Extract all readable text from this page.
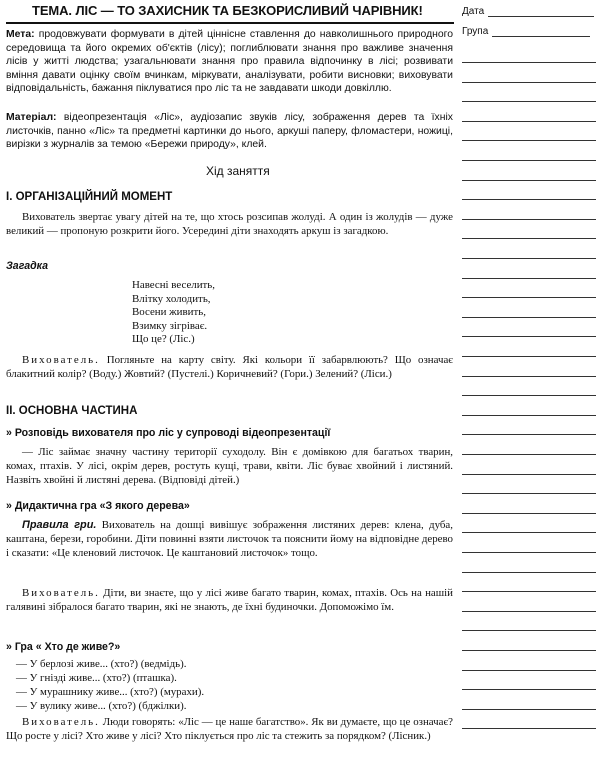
ТЕМА. ЛІС — ТО ЗАХИСНИК ТА БЕЗКОРИСЛИВИЙ ЧАРІВНИК!	Дата
Група

Мета: продовжувати формувати в дітей ціннісне ставлення до навколишнього природного середовища та його окремих об'єктів (лісу); поглиблювати знання про важливе значення лісів у житті людства; узагальнювати знання про правила відпочинку в лісі; розвивати вміння давати оцінку своїм вчинкам, міркувати, аналізувати, робити висновки; виховувати відповідальність, бажання піклуватися про ліс та не завдавати шкоди довкіллю.

Матеріал: відеопрезентація «Ліс», аудіозапис звуків лісу, зображення дерев та їхніх листочків, панно «Ліс» та предметні картинки до нього, аркуші паперу, фломастери, ножиці, вирізки з журналів за темою «Бережи природу», клей.

Хід заняття

I. ОРГАНІЗАЦІЙНИЙ МОМЕНТ

Вихователь звертає увагу дітей на те, що хтось розсипав жолуді. А один із жолудів — дуже великий — пропоную розкрити його. Усередині діти знаходять аркуш із загадкою.

Загадка

Навесні веселить,
Влітку холодить,
Восени живить,
Взимку зігріває.
Що це? (Ліс.)

Вихователь. Погляньте на карту світу. Які кольори її забарвлюють? Що означає блакитний колір? (Воду.) Жовтий? (Пустелі.) Коричневий? (Гори.) Зелений? (Ліси.)

II. ОСНОВНА ЧАСТИНА

» Розповідь вихователя про ліс у супроводі відеопрезентації

— Ліс займає значну частину території суходолу. Він є домівкою для багатьох тварин, комах, птахів. У лісі, окрім дерев, ростуть кущі, трави, квіти. Ліс буває хвойний і листяний. Назвіть хвойні й листяні дерева. (Відповіді дітей.)

» Дидактична гра «З якого дерева»

Правила гри. Вихователь на дошці вивішує зображення листяних дерев: клена, дуба, каштана, берези, горобини. Діти повинні взяти листочок та пояснити йому на відповідне дерево і сказати: «Це кленовий листочок. Це каштановий листочок» тощо.

Вихователь. Діти, ви знаєте, що у лісі живе багато тварин, комах, птахів. Ось на нашій галявині зібралося багато тварин, які не знають, де їхні будиночки. Допоможімо їм.

» Гра « Хто де живе?»

— У берлозі живе... (хто?) (ведмідь).
— У гнізді живе... (хто?) (пташка).
— У мурашнику живе... (хто?) (мурахи).
— У вулику живе... (хто?) (бджілки).

Вихователь. Люди говорять: «Ліс — це наше багатство». Як ви думаєте, що це означає? Що росте у лісі? Хто живе у лісі? Хто піклується про ліс та стежить за порядком? (Лісник.)
